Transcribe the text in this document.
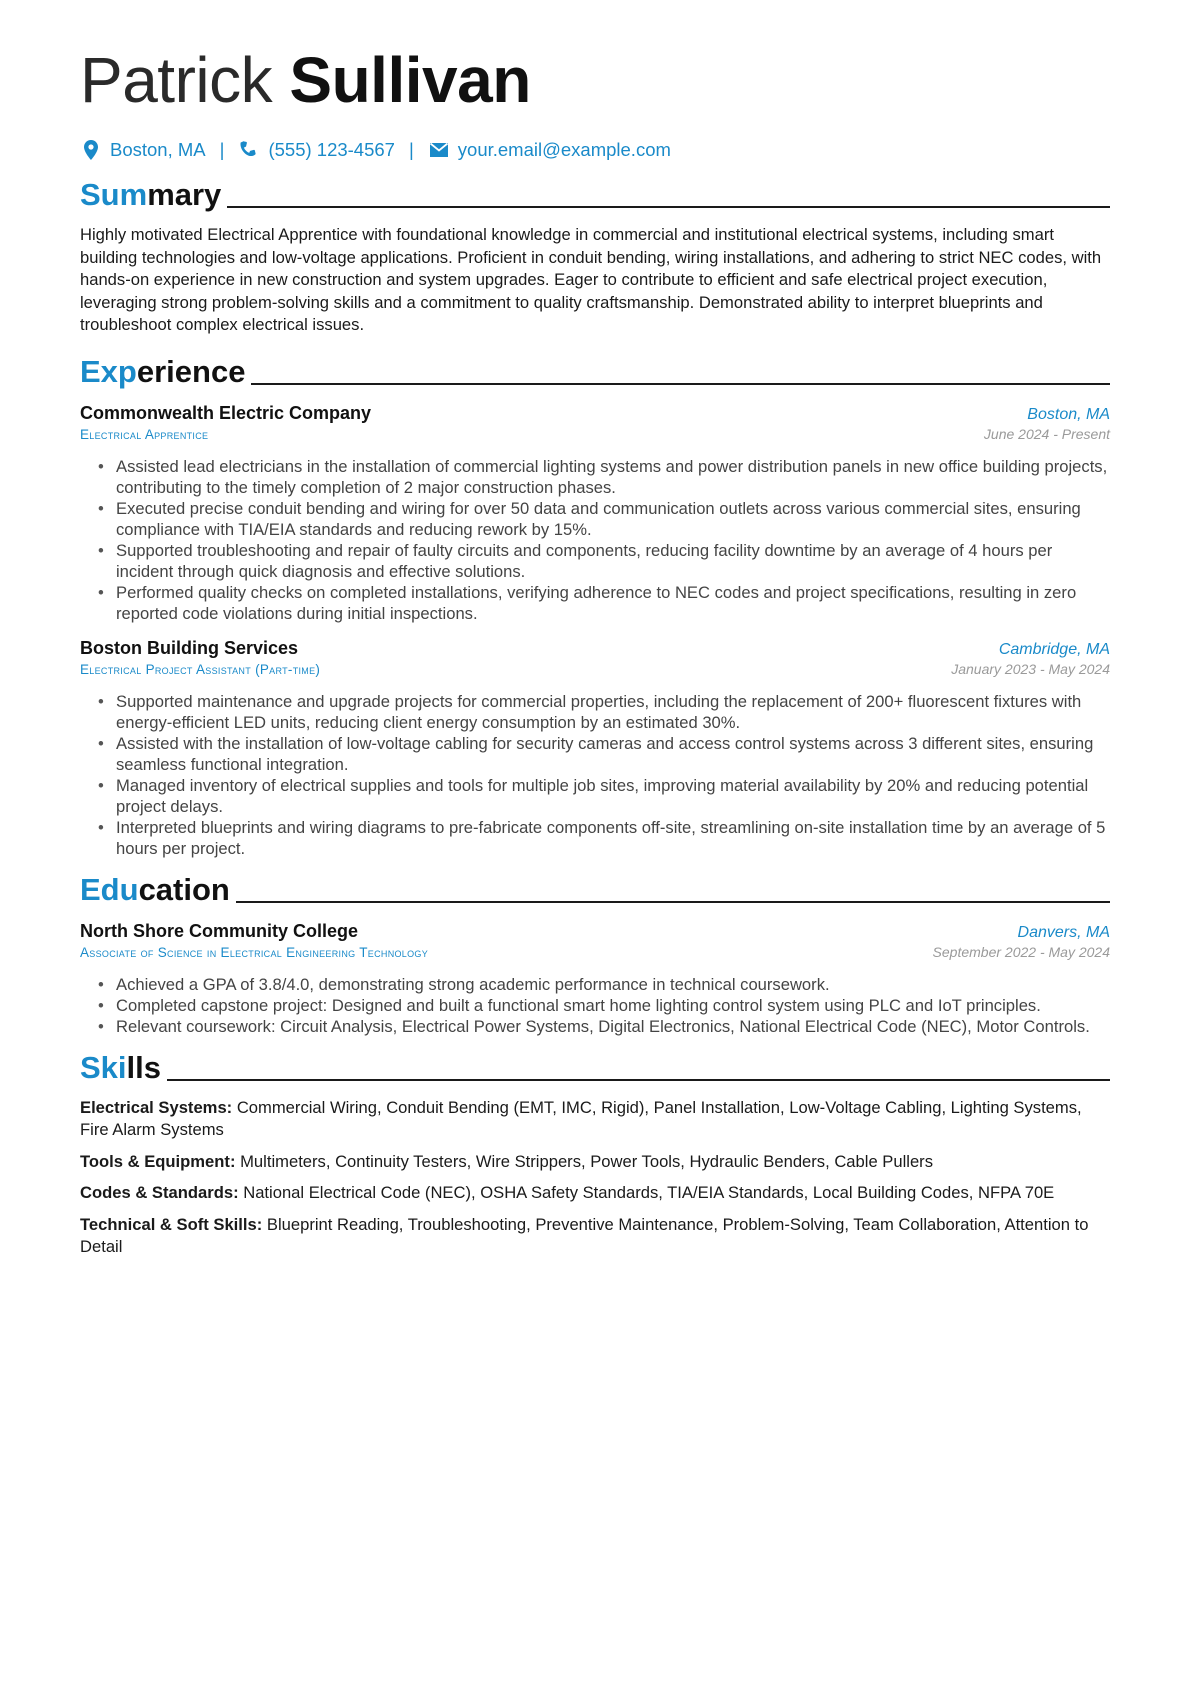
Patrick Sullivan
Boston, MA | (555) 123-4567 | your.email@example.com
Summary

Highly motivated Electrical Apprentice with foundational knowledge in commercial and institutional electrical systems, including smart building technologies and low-voltage applications. Proficient in conduit bending, wiring installations, and adhering to strict NEC codes, with hands-on experience in new construction and system upgrades. Eager to contribute to efficient and safe electrical project execution, leveraging strong problem-solving skills and a commitment to quality craftsmanship. Demonstrated ability to interpret blueprints and troubleshoot complex electrical issues.

Experience
Commonwealth Electric Company	Boston, MA
Electrical Apprentice	June 2024 - Present
• Assisted lead electricians in the installation of commercial lighting systems and power distribution panels in new office building projects, contributing to the timely completion of 2 major construction phases.
• Executed precise conduit bending and wiring for over 50 data and communication outlets across various commercial sites, ensuring compliance with TIA/EIA standards and reducing rework by 15%.
• Supported troubleshooting and repair of faulty circuits and components, reducing facility downtime by an average of 4 hours per incident through quick diagnosis and effective solutions.
• Performed quality checks on completed installations, verifying adherence to NEC codes and project specifications, resulting in zero reported code violations during initial inspections.
Boston Building Services	Cambridge, MA
Electrical Project Assistant (Part-time)	January 2023 - May 2024
• Supported maintenance and upgrade projects for commercial properties, including the replacement of 200+ fluorescent fixtures with energy-efficient LED units, reducing client energy consumption by an estimated 30%.
• Assisted with the installation of low-voltage cabling for security cameras and access control systems across 3 different sites, ensuring seamless functional integration.
• Managed inventory of electrical supplies and tools for multiple job sites, improving material availability by 20% and reducing potential project delays.
• Interpreted blueprints and wiring diagrams to pre-fabricate components off-site, streamlining on-site installation time by an average of 5 hours per project.
Education
North Shore Community College	Danvers, MA
Associate of Science in Electrical Engineering Technology	September 2022 - May 2024
• Achieved a GPA of 3.8/4.0, demonstrating strong academic performance in technical coursework.
• Completed capstone project: Designed and built a functional smart home lighting control system using PLC and IoT principles.
• Relevant coursework: Circuit Analysis, Electrical Power Systems, Digital Electronics, National Electrical Code (NEC), Motor Controls.
Skills
Electrical Systems: Commercial Wiring, Conduit Bending (EMT, IMC, Rigid), Panel Installation, Low-Voltage Cabling, Lighting Systems, Fire Alarm Systems
Tools & Equipment: Multimeters, Continuity Testers, Wire Strippers, Power Tools, Hydraulic Benders, Cable Pullers
Codes & Standards: National Electrical Code (NEC), OSHA Safety Standards, TIA/EIA Standards, Local Building Codes, NFPA 70E
Technical & Soft Skills: Blueprint Reading, Troubleshooting, Preventive Maintenance, Problem-Solving, Team Collaboration, Attention to Detail
